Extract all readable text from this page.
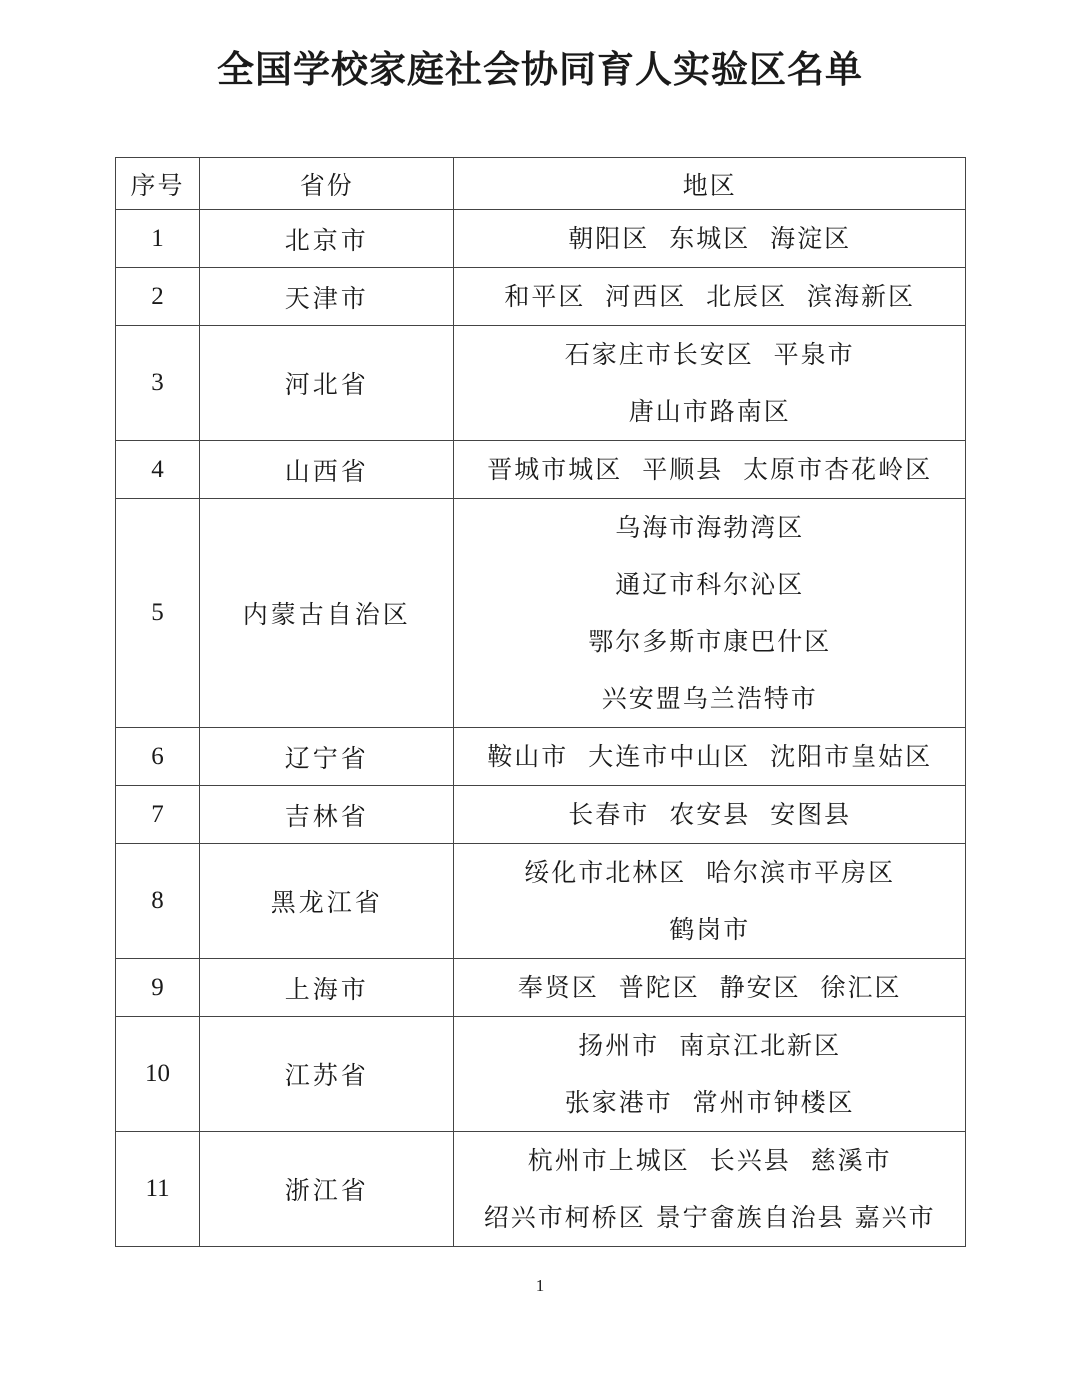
全国学校家庭社会协同育人实验区名单
序号	省份	地区
1	北京市	朝阳区  东城区  海淀区

2	天津市	和平区  河西区  北辰区  滨海新区

3	河北省	石家庄市长安区  平泉市
唐山市路南区

4	山西省	晋城市城区  平顺县  太原市杏花岭区

5	内蒙古自治区	乌海市海勃湾区
通辽市科尔沁区
鄂尔多斯市康巴什区
兴安盟乌兰浩特市

6	辽宁省	鞍山市  大连市中山区  沈阳市皇姑区

7	吉林省	长春市  农安县  安图县

8	黑龙江省	绥化市北林区  哈尔滨市平房区
鹤岗市

9	上海市	奉贤区  普陀区  静安区  徐汇区

10	江苏省	扬州市  南京江北新区
张家港市  常州市钟楼区

11	浙江省	杭州市上城区  长兴县  慈溪市
绍兴市柯桥区 景宁畲族自治县 嘉兴市
1
